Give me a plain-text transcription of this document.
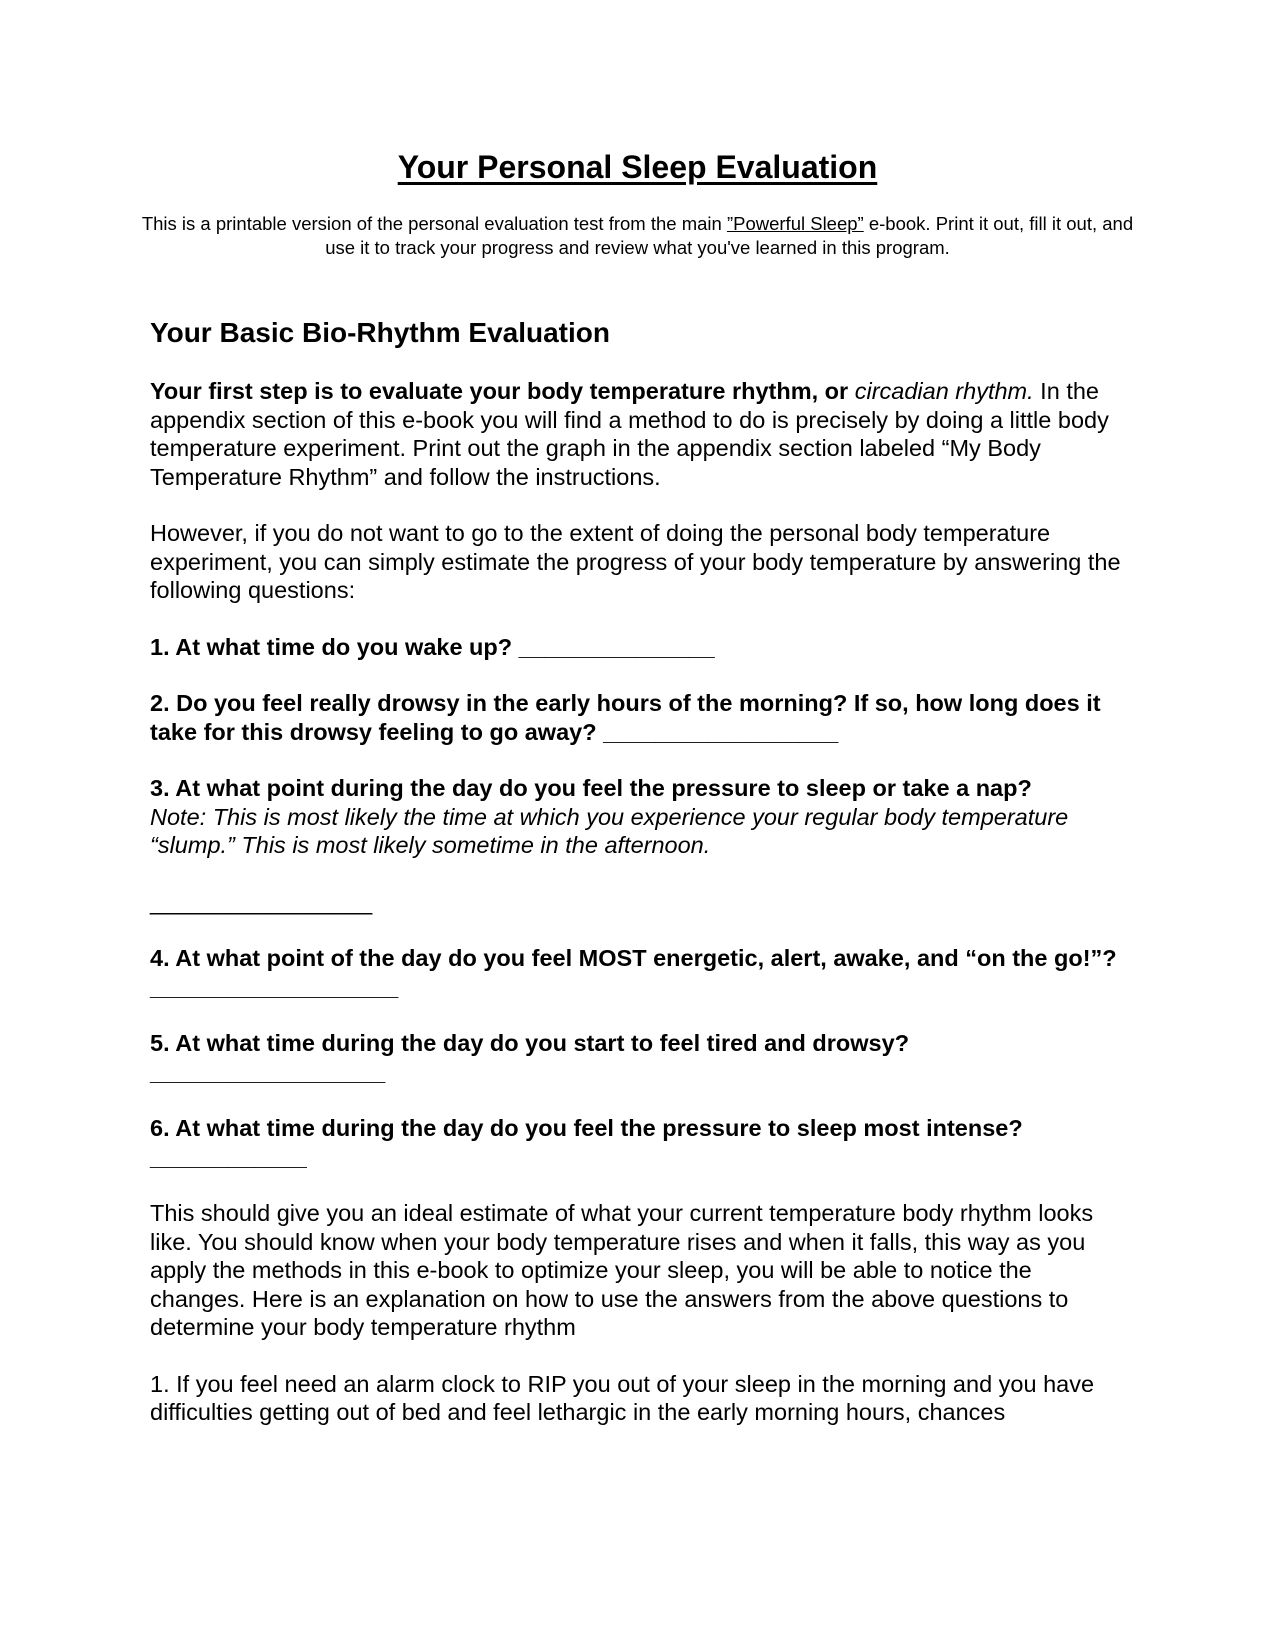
Your Personal Sleep Evaluation

This is a printable version of the personal evaluation test from the main ”Powerful Sleep” e-book. Print it out, fill it out, and use it to track your progress and review what you've learned in this program.

Your Basic Bio-Rhythm Evaluation

Your first step is to evaluate your body temperature rhythm, or circadian rhythm. In the appendix section of this e-book you will find a method to do is precisely by doing a little body temperature experiment. Print out the graph in the appendix section labeled “My Body Temperature Rhythm” and follow the instructions.

However, if you do not want to go to the extent of doing the personal body temperature experiment, you can simply estimate the progress of your body temperature by answering the following questions:

1. At what time do you wake up? _______________

2. Do you feel really drowsy in the early hours of the morning? If so, how long does it take for this drowsy feeling to go away? __________________

3. At what point during the day do you feel the pressure to sleep or take a nap?
Note: This is most likely the time at which you experience your regular body temperature “slump.” This is most likely sometime in the afternoon.

_________________

4. At what point of the day do you feel MOST energetic, alert, awake, and “on the go!”?
___________________

5. At what time during the day do you start to feel tired and drowsy?
__________________

6. At what time during the day do you feel the pressure to sleep most intense?
____________

This should give you an ideal estimate of what your current temperature body rhythm looks like. You should know when your body temperature rises and when it falls, this way as you apply the methods in this e-book to optimize your sleep, you will be able to notice the changes. Here is an explanation on how to use the answers from the above questions to determine your body temperature rhythm

1. If you feel need an alarm clock to RIP you out of your sleep in the morning and you have difficulties getting out of bed and feel lethargic in the early morning hours, chances
